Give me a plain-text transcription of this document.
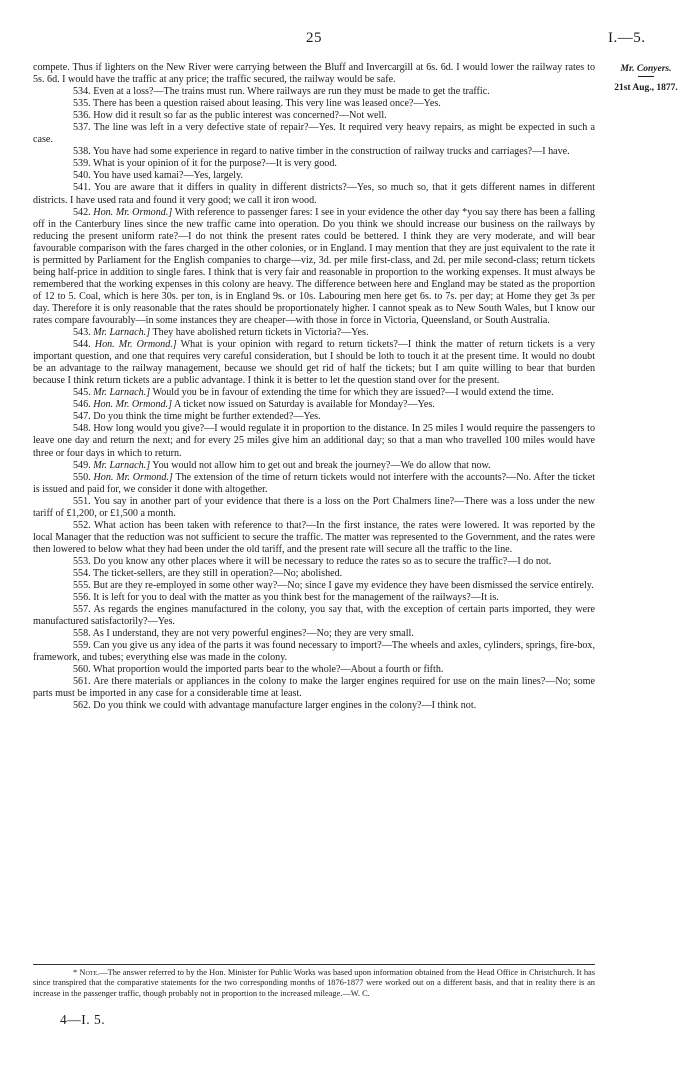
25	I.—5.
Mr. Conyers.
21st Aug., 1877.

compete. Thus if lighters on the New River were carrying between the Bluff and Invercargill at 6s. 6d. I would lower the railway rates to 5s. 6d. I would have the traffic at any price; the traffic secured, the railway would be safe.

534. Even at a loss?—The trains must run. Where railways are run they must be made to get the traffic.

535. There has been a question raised about leasing. This very line was leased once?—Yes.

536. How did it result so far as the public interest was concerned?—Not well.

537. The line was left in a very defective state of repair?—Yes. It required very heavy repairs, as might be expected in such a case.

538. You have had some experience in regard to native timber in the construction of railway trucks and carriages?—I have.

539. What is your opinion of it for the purpose?—It is very good.

540. You have used kamai?—Yes, largely.

541. You are aware that it differs in quality in different districts?—Yes, so much so, that it gets different names in different districts. I have used rata and found it very good; we call it iron wood.

542. Hon. Mr. Ormond.] With reference to passenger fares: I see in your evidence the other day *you say there has been a falling off in the Canterbury lines since the new traffic came into operation. Do you think we should increase our business on the railways by reducing the present uniform rate?—I do not think the present rates could be bettered. I think they are very moderate, and will bear favourable comparison with the fares charged in the other colonies, or in England. I may mention that they are just equivalent to the rate it is permitted by Parliament for the English companies to charge—viz, 3d. per mile first-class, and 2d. per mile second-class; return tickets being half-price in addition to single fares. I think that is very fair and reasonable in proportion to the working expenses. It must always be remembered that the working expenses in this colony are heavy. The difference between here and England may be stated as the proportion of 12 to 5. Coal, which is here 30s. per ton, is in England 9s. or 10s. Labouring men here get 6s. to 7s. per day; at Home they get 3s per day. Therefore it is only reasonable that the rates should be proportionately higher. I cannot speak as to New South Wales, but I know our rates compare favourably—in some instances they are cheaper—with those in force in Victoria, Queensland, or South Australia.

543. Mr. Larnach.] They have abolished return tickets in Victoria?—Yes.

544. Hon. Mr. Ormond.] What is your opinion with regard to return tickets?—I think the matter of return tickets is a very important question, and one that requires very careful consideration, but I should be loth to touch it at the present time. It would no doubt be an advantage to the railway management, because we should get rid of half the tickets; but I am quite willing to bear that burden because I think return tickets are a public advantage. I think it is better to let the question stand over for the present.

545. Mr. Larnach.] Would you be in favour of extending the time for which they are issued?—I would extend the time.

546. Hon. Mr. Ormond.] A ticket now issued on Saturday is available for Monday?—Yes.

547. Do you think the time might be further extended?—Yes.

548. How long would you give?—I would regulate it in proportion to the distance. In 25 miles I would require the passengers to leave one day and return the next; and for every 25 miles give him an additional day; so that a man who travelled 100 miles would have three or four days in which to return.

549. Mr. Larnach.] You would not allow him to get out and break the journey?—We do allow that now.

550. Hon. Mr. Ormond.] The extension of the time of return tickets would not interfere with the accounts?—No. After the ticket is issued and paid for, we consider it done with altogether.

551. You say in another part of your evidence that there is a loss on the Port Chalmers line?—There was a loss under the new tariff of £1,200, or £1,500 a month.

552. What action has been taken with reference to that?—In the first instance, the rates were lowered. It was reported by the local Manager that the reduction was not sufficient to secure the traffic. The matter was represented to the Government, and the rates were then lowered to below what they had been under the old tariff, and the present rate will secure all the traffic to the line.

553. Do you know any other places where it will be necessary to reduce the rates so as to secure the traffic?—I do not.

554. The ticket-sellers, are they still in operation?—No; abolished.

555. But are they re-employed in some other way?—No; since I gave my evidence they have been dismissed the service entirely.

556. It is left for you to deal with the matter as you think best for the management of the railways?—It is.

557. As regards the engines manufactured in the colony, you say that, with the exception of certain parts imported, they were manufactured satisfactorily?—Yes.

558. As I understand, they are not very powerful engines?—No; they are very small.

559. Can you give us any idea of the parts it was found necessary to import?—The wheels and axles, cylinders, springs, fire-box, framework, and tubes; everything else was made in the colony.

560. What proportion would the imported parts bear to the whole?—About a fourth or fifth.

561. Are there materials or appliances in the colony to make the larger engines required for use on the main lines?—No; some parts must be imported in any case for a considerable time at least.

562. Do you think we could with advantage manufacture larger engines in the colony?—I think not.

* Note.—The answer referred to by the Hon. Minister for Public Works was based upon information obtained from the Head Office in Christchurch. It has since transpired that the comparative statements for the two corresponding months of 1876-1877 were worked out on a different basis, and that in reality there is an increase in the passenger traffic, though probably not in proportion to the increased mileage.—W. C.
4—I. 5.
